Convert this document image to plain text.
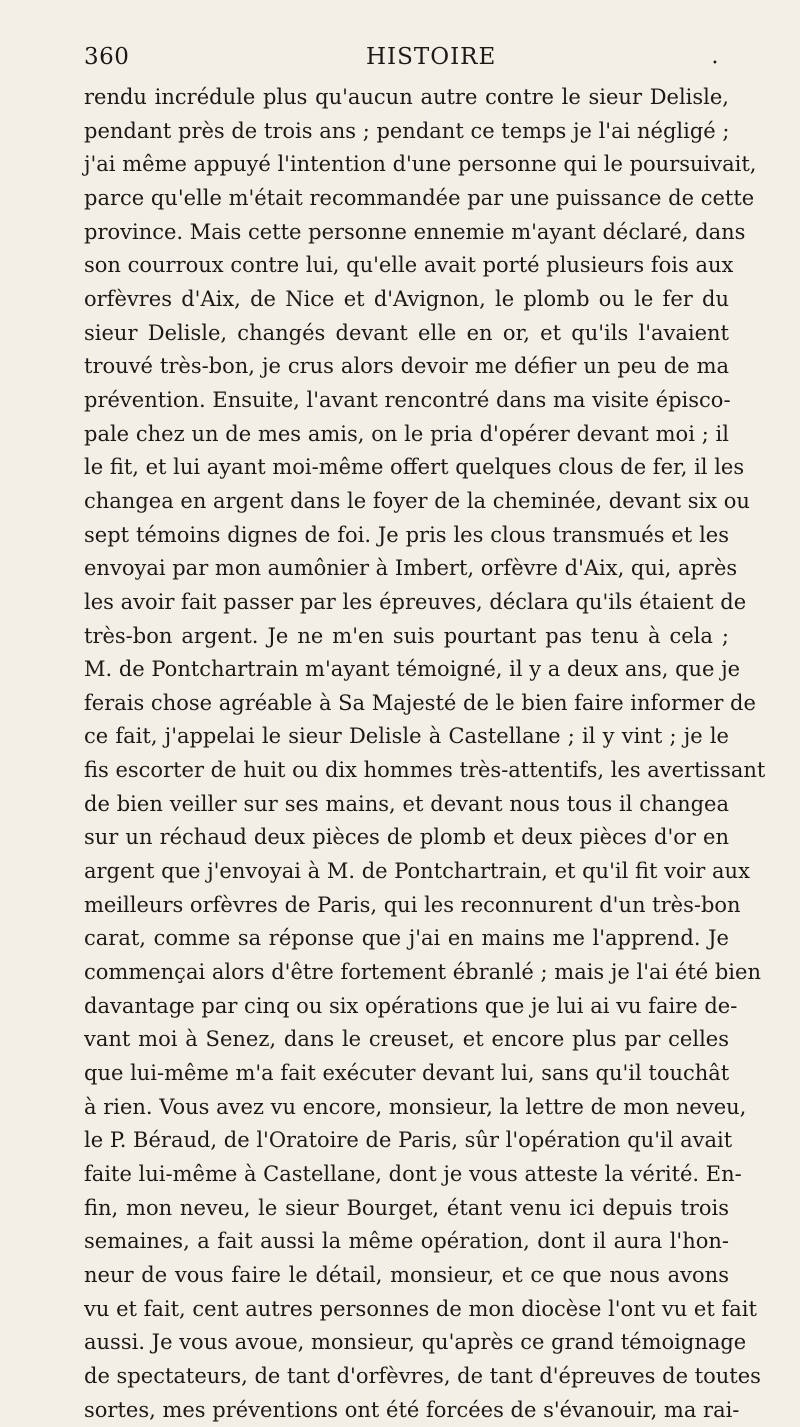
360	HISTOIRE	•
rendu incrédule plus qu'aucun autre contre le sieur Delisle,
pendant près de trois ans ; pendant ce temps je l'ai négligé ;
j'ai même appuyé l'intention d'une personne qui le poursuivait,
parce qu'elle m'était recommandée par une puissance de cette
province. Mais cette personne ennemie m'ayant déclaré, dans
son courroux contre lui, qu'elle avait porté plusieurs fois aux
orfèvres d'Aix, de Nice et d'Avignon, le plomb ou le fer du
sieur Delisle, changés devant elle en or, et qu'ils l'avaient
trouvé très-bon, je crus alors devoir me défier un peu de ma
prévention. Ensuite, l'avant rencontré dans ma visite épisco-
pale chez un de mes amis, on le pria d'opérer devant moi ; il
le fit, et lui ayant moi-même offert quelques clous de fer, il les
changea en argent dans le foyer de la cheminée, devant six ou
sept témoins dignes de foi. Je pris les clous transmués et les
envoyai par mon aumônier à Imbert, orfèvre d'Aix, qui, après
les avoir fait passer par les épreuves, déclara qu'ils étaient de
très-bon argent. Je ne m'en suis pourtant pas tenu à cela ;
M. de Pontchartrain m'ayant témoigné, il y a deux ans, que je
ferais chose agréable à Sa Majesté de le bien faire informer de
ce fait, j'appelai le sieur Delisle à Castellane ; il y vint ; je le
fis escorter de huit ou dix hommes très-attentifs, les avertissant
de bien veiller sur ses mains, et devant nous tous il changea
sur un réchaud deux pièces de plomb et deux pièces d'or en
argent que j'envoyai à M. de Pontchartrain, et qu'il fit voir aux
meilleurs orfèvres de Paris, qui les reconnurent d'un très-bon
carat, comme sa réponse que j'ai en mains me l'apprend. Je
commençai alors d'être fortement ébranlé ; mais je l'ai été bien
davantage par cinq ou six opérations que je lui ai vu faire de-
vant moi à Senez, dans le creuset, et encore plus par celles
que lui-même m'a fait exécuter devant lui, sans qu'il touchât
à rien. Vous avez vu encore, monsieur, la lettre de mon neveu,
le P. Béraud, de l'Oratoire de Paris, sûr l'opération qu'il avait
faite lui-même à Castellane, dont je vous atteste la vérité. En-
fin, mon neveu, le sieur Bourget, étant venu ici depuis trois
semaines, a fait aussi la même opération, dont il aura l'hon-
neur de vous faire le détail, monsieur, et ce que nous avons
vu et fait, cent autres personnes de mon diocèse l'ont vu et fait
aussi. Je vous avoue, monsieur, qu'après ce grand témoignage
de spectateurs, de tant d'orfèvres, de tant d'épreuves de toutes
sortes, mes préventions ont été forcées de s'évanouir, ma rai-
